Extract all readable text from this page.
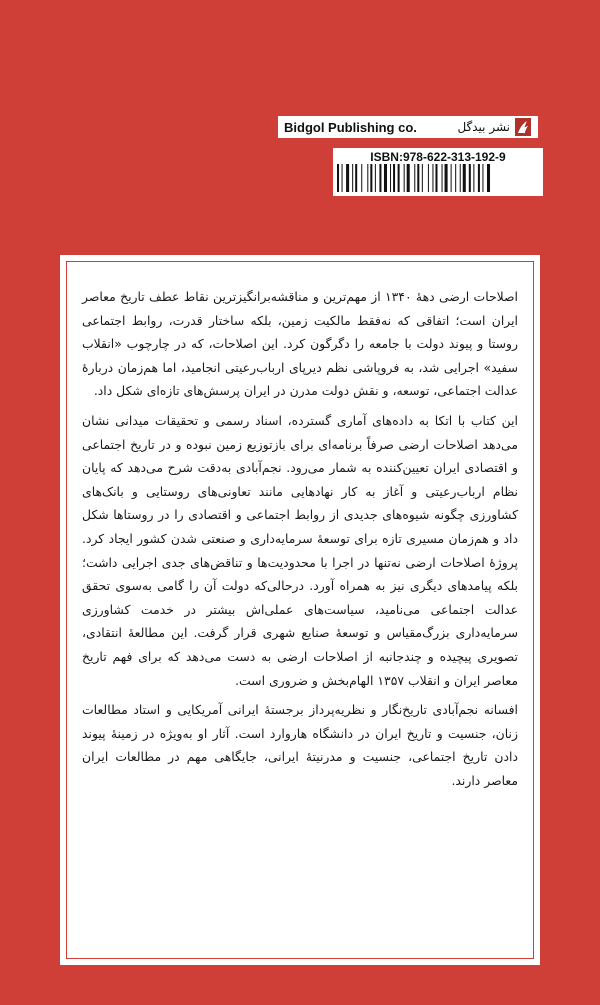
Bidgol Publishing co.	نشر بیدگل
ISBN:978-622-313-192-9

اصلاحات ارضی دههٔ ۱۳۴۰ از مهم‌ترین و مناقشه‌برانگیزترین نقاط عطف تاریخ معاصر ایران است؛ اتفاقی که نه‌فقط مالکیت زمین، بلکه ساختار قدرت، روابط اجتماعی روستا و پیوند دولت با جامعه را دگرگون کرد. این اصلاحات، که در چارچوب «انقلاب سفید» اجرایی شد، به فروپاشی نظم دیرپای ارباب‌رعیتی انجامید، اما هم‌زمان دربارهٔ عدالت اجتماعی، توسعه، و نقش دولت مدرن در ایران پرسش‌های تازه‌ای شکل داد.

این کتاب با اتکا به داده‌های آماری گسترده، اسناد رسمی و تحقیقات میدانی نشان می‌دهد اصلاحات ارضی صرفاً برنامه‌ای برای بازتوزیع زمین نبوده و در تاریخ اجتماعی و اقتصادی ایران تعیین‌کننده به شمار می‌رود. نجم‌آبادی به‌دقت شرح می‌دهد که پایان نظام ارباب‌رعیتی و آغاز به کار نهادهایی مانند تعاونی‌های روستایی و بانک‌های کشاورزی چگونه شیوه‌های جدیدی از روابط اجتماعی و اقتصادی را در روستاها شکل داد و هم‌زمان مسیری تازه برای توسعهٔ سرمایه‌داری و صنعتی شدن کشور ایجاد کرد. پروژهٔ اصلاحات ارضی نه‌تنها در اجرا با محدودیت‌ها و تناقض‌های جدی اجرایی داشت؛ بلکه پیامدهای دیگری نیز به همراه آورد. درحالی‌که دولت آن را گامی به‌سوی تحقق عدالت اجتماعی می‌نامید، سیاست‌های عملی‌اش بیشتر در خدمت کشاورزی سرمایه‌داری بزرگ‌مقیاس و توسعهٔ صنایع شهری قرار گرفت. این مطالعهٔ انتقادی، تصویری پیچیده و چندجانبه از اصلاحات ارضی به دست می‌دهد که برای فهم تاریخ معاصر ایران و انقلاب ۱۳۵۷ الهام‌بخش و ضروری است.

افسانه نجم‌آبادی تاریخ‌نگار و نظریه‌پرداز برجستهٔ ایرانی آمریکایی و استاد مطالعات زنان، جنسیت و تاریخ ایران در دانشگاه هاروارد است. آثار او به‌ویژه در زمینهٔ پیوند دادن تاریخ اجتماعی، جنسیت و مدرنیتهٔ ایرانی، جایگاهی مهم در مطالعات ایران معاصر دارند.
